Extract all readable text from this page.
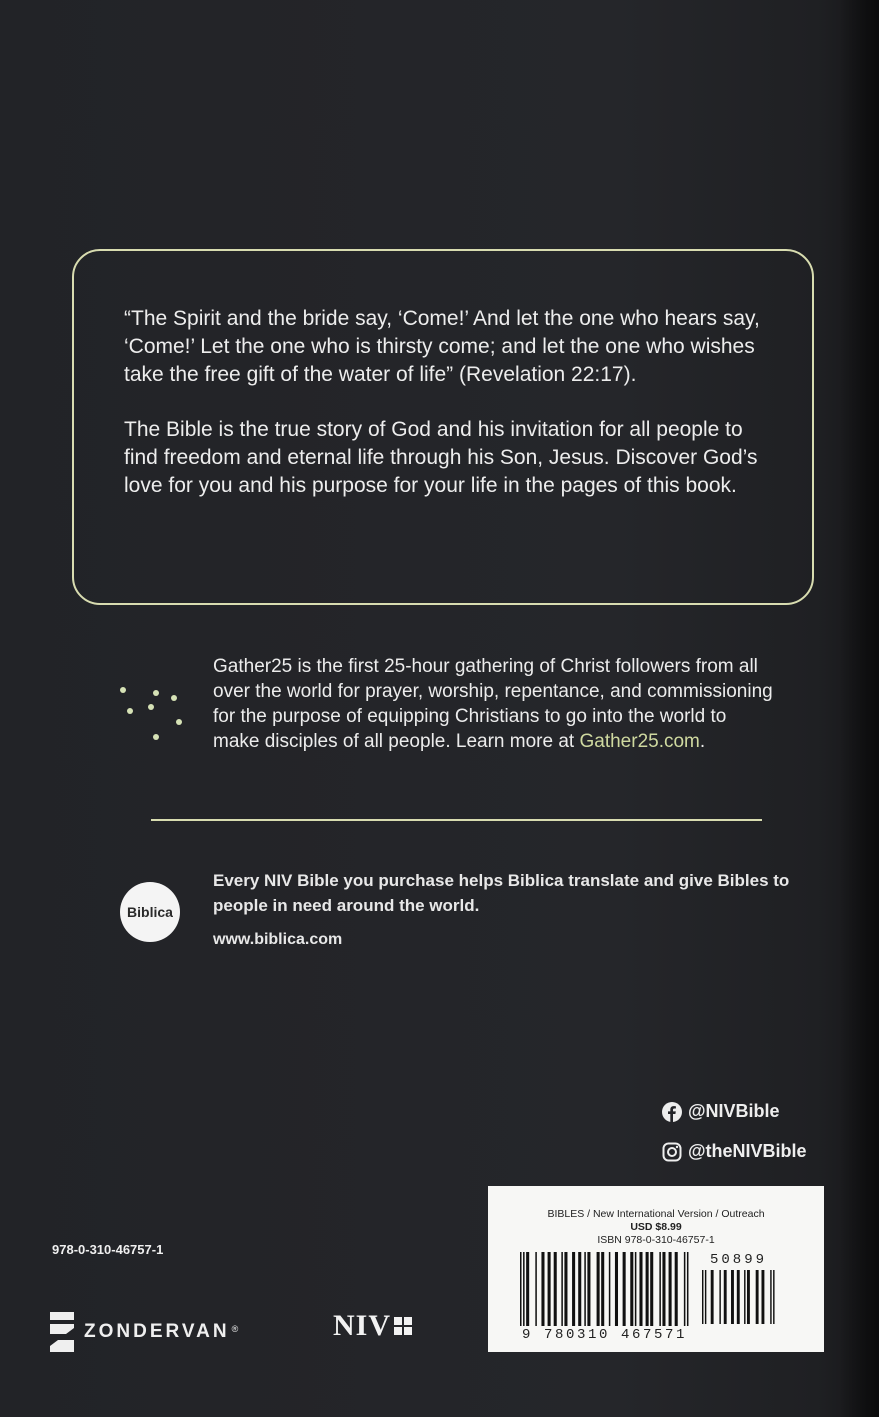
“The Spirit and the bride say, ‘Come!’ And let the one who hears say, ‘Come!’ Let the one who is thirsty come; and let the one who wishes take the free gift of the water of life” (Revelation 22:17).

The Bible is the true story of God and his invitation for all people to find freedom and eternal life through his Son, Jesus. Discover God’s love for you and his purpose for your life in the pages of this book.

Gather25 is the first 25-hour gathering of Christ followers from all over the world for prayer, worship, repentance, and commissioning for the purpose of equipping Christians to go into the world to make disciples of all people. Learn more at Gather25.com.

Biblica

Every NIV Bible you purchase helps Biblica translate and give Bibles to people in need around the world.

www.biblica.com
@NIVBible
@theNIVBible
978-0-310-46757-1
BIBLES / New International Version / Outreach
USD $8.99
ISBN 978-0-310-46757-1
50899
9 780310 467571
ZONDERVAN ®	NIV
